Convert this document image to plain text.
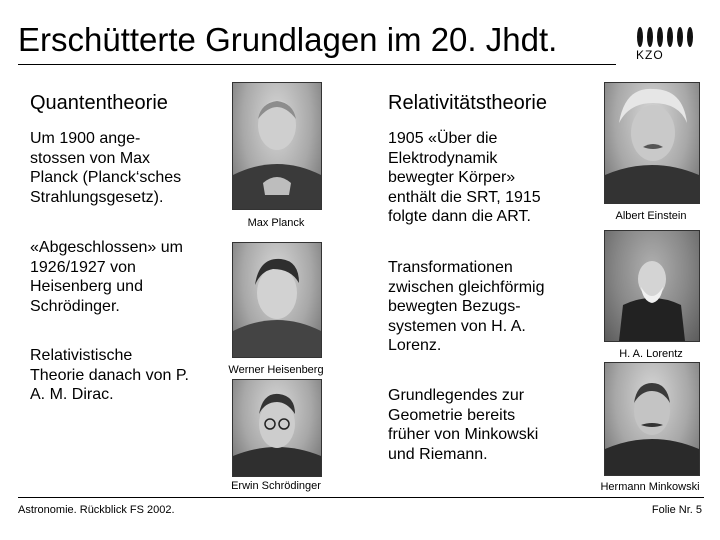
Erschütterte Grundlagen im 20. Jhdt.	KZO
Quantentheorie
Um 1900 ange-
stossen von Max
Planck (Planck‘sches
Strahlungsgesetz).
«Abgeschlossen» um
1926/1927 von
Heisenberg und
Schrödinger.
Relativistische
Theorie danach von P.
A. M. Dirac.
Max Planck
Werner Heisenberg
Erwin Schrödinger
Relativitätstheorie
1905 «Über die
Elektrodynamik
bewegter Körper»
enthält die SRT, 1915
folgte dann die ART.
Transformationen
zwischen gleichförmig
bewegten Bezugs-
systemen von H. A.
Lorenz.
Grundlegendes zur
Geometrie bereits
früher von Minkowski
und Riemann.
Albert Einstein
H. A. Lorentz
Hermann Minkowski
Astronomie. Rückblick FS 2002.	Folie Nr. 5
